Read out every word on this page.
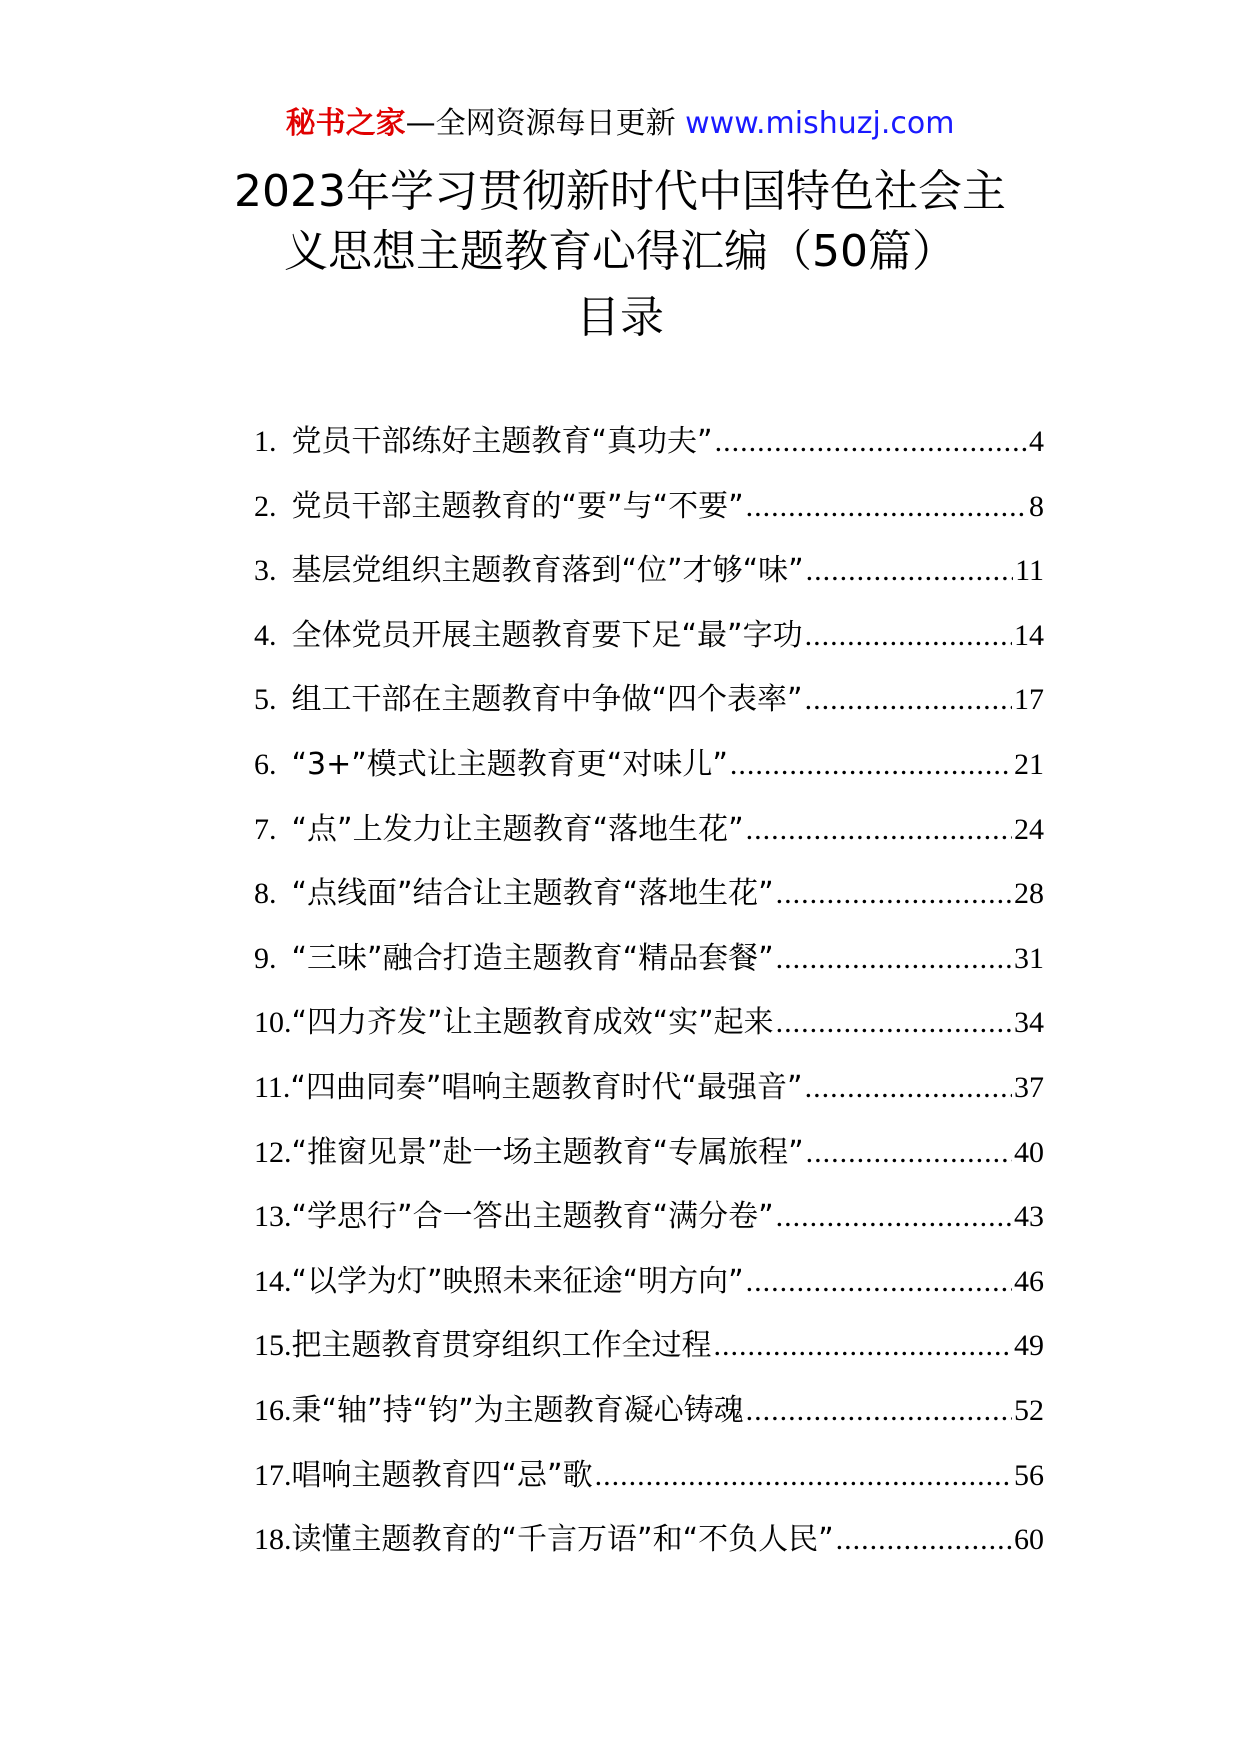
秘书之家—全网资源每日更新 www.mishuzj.com
2023年学习贯彻新时代中国特色社会主
义思想主题教育心得汇编（50篇）
目录
1. 党员干部练好主题教育“真功夫” .....	4
2. 党员干部主题教育的“要”与“不要” .....	8
3. 基层党组织主题教育落到“位”才够“味” .....	11
4. 全体党员开展主题教育要下足“最”字功 .....	14
5. 组工干部在主题教育中争做“四个表率” .....	17
6. “3+”模式让主题教育更“对味儿” .....	21
7. “点”上发力让主题教育“落地生花” .....	24
8. “点线面”结合让主题教育“落地生花” .....	28
9. “三味”融合打造主题教育“精品套餐” .....	31
10. “四力齐发”让主题教育成效“实”起来 .....	34
11. “四曲同奏”唱响主题教育时代“最强音” .....	37
12. “推窗见景”赴一场主题教育“专属旅程” .....	40
13. “学思行”合一答出主题教育“满分卷” .....	43
14. “以学为灯”映照未来征途“明方向” .....	46
15. 把主题教育贯穿组织工作全过程 .....	49
16. 秉“轴”持“钧”为主题教育凝心铸魂 .....	52
17. 唱响主题教育四“忌”歌 .....	56
18. 读懂主题教育的“千言万语”和“不负人民” .....	60
